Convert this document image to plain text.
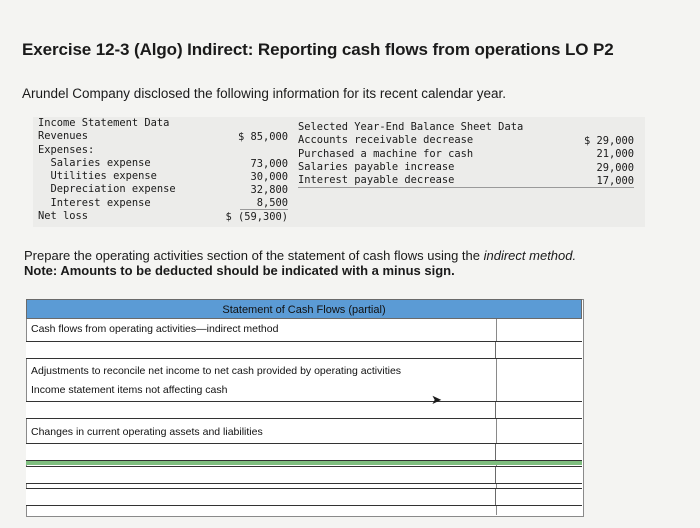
Exercise 12-3 (Algo) Indirect: Reporting cash flows from operations LO P2
Arundel Company disclosed the following information for its recent calendar year.
Income Statement Data
Revenues
Expenses:
Salaries expense
Utilities expense
Depreciation expense
Interest expense
Net loss
$ 85,000

73,000
30,000
32,800
8,500
$ (59,300)
Selected Year-End Balance Sheet Data
Accounts receivable decrease
Purchased a machine for cash
Salaries payable increase
Interest payable decrease
$ 29,000
21,000
29,000
17,000
Prepare the operating activities section of the statement of cash flows using the indirect method.
Note: Amounts to be deducted should be indicated with a minus sign.
Statement of Cash Flows (partial)
Cash flows from operating activities—indirect method
Adjustments to reconcile net income to net cash provided by operating activities
Income statement items not affecting cash
Changes in current operating assets and liabilities
➤
